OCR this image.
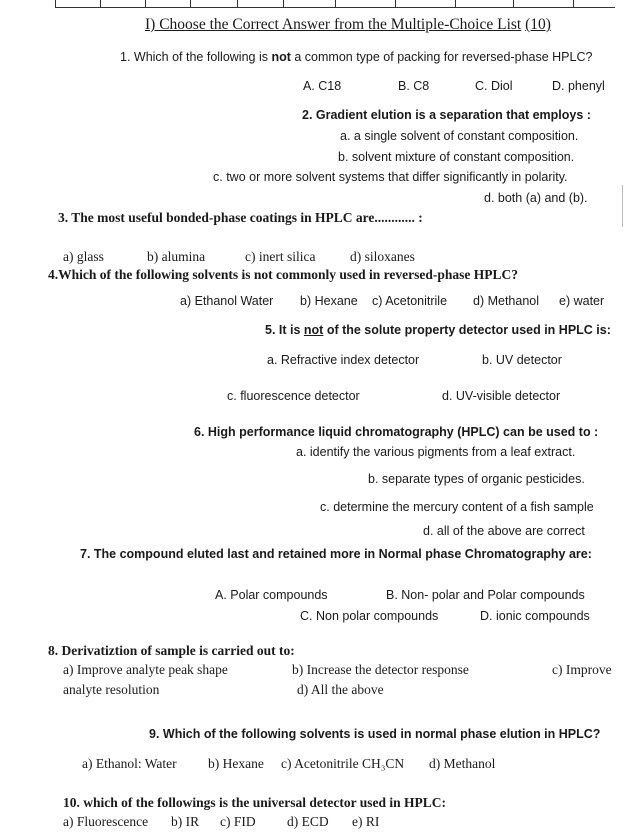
I) Choose the Correct Answer from the Multiple-Choice List (10)
1. Which of the following is not a common type of packing for reversed-phase HPLC?
A. C18	B. C8	C. Diol	D. phenyl
2. Gradient elution is a separation that employs :
a. a single solvent of constant composition.
b. solvent mixture of constant composition.
c. two or more solvent systems that differ significantly in polarity.
d. both (a) and (b).
3. The most useful bonded-phase coatings in HPLC are............ :
a) glass	b) alumina	c) inert silica	d) siloxanes
4.Which of the following solvents is not commonly used in reversed-phase HPLC?
a) Ethanol Water b) Hexane c) Acetonitrile d) Methanol e) water
5. It is not of the solute property detector used in HPLC is:
a. Refractive index detector	b. UV detector
c. fluorescence detector	d. UV-visible detector
6. High performance liquid chromatography (HPLC) can be used to :
a. identify the various pigments from a leaf extract.
b. separate types of organic pesticides.
c. determine the mercury content of a fish sample
d. all of the above are correct
7. The compound eluted last and retained more in Normal phase Chromatography are:
A. Polar compounds	B. Non- polar and Polar compounds
C. Non polar compounds	D. ionic compounds
8. Derivatiztion of sample is carried out to:
a) Improve analyte peak shape	b) Increase the detector response	c) Improve
analyte resolution	d) All the above
9. Which of the following solvents is used in normal phase elution in HPLC?
a) Ethanol: Water b) Hexane c) Acetonitrile CH₃CN d) Methanol
10. which of the followings is the universal detector used in HPLC:
a) Fluorescence b) IR c) FID d) ECD e) RI
